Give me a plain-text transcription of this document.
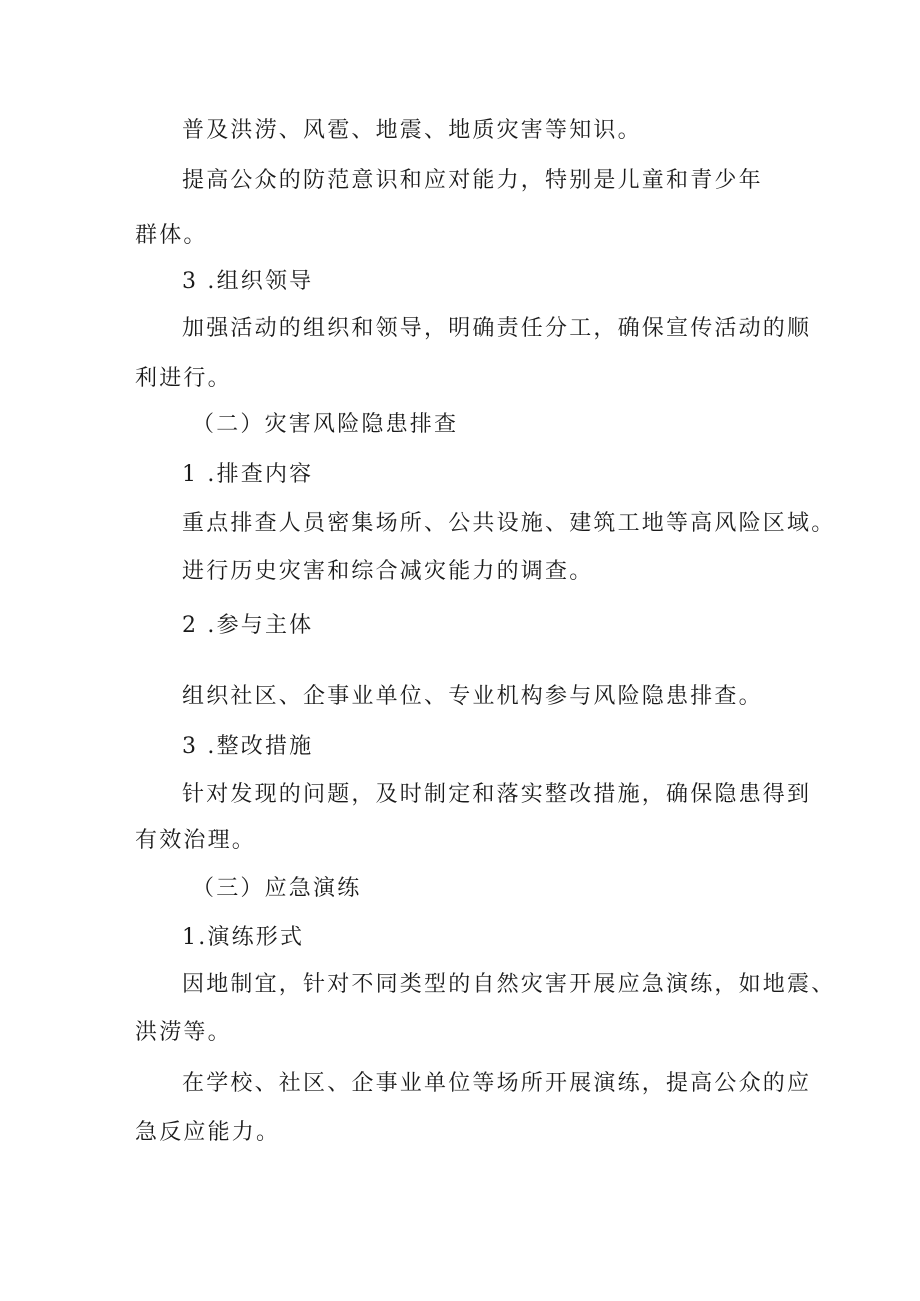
普及洪涝、风雹、地震、地质灾害等知识。
提高公众的防范意识和应对能力，特别是儿童和青少年
群体。
3 .组织领导
加强活动的组织和领导，明确责任分工，确保宣传活动的顺
利进行。
（二）灾害风险隐患排查
1 .排查内容
重点排查人员密集场所、公共设施、建筑工地等高风险区域。
进行历史灾害和综合减灾能力的调查。
2 .参与主体
组织社区、企事业单位、专业机构参与风险隐患排查。
3 .整改措施
针对发现的问题，及时制定和落实整改措施，确保隐患得到
有效治理。
（三）应急演练
1.演练形式
因地制宜，针对不同类型的自然灾害开展应急演练，如地震、
洪涝等。
在学校、社区、企事业单位等场所开展演练，提高公众的应
急反应能力。
